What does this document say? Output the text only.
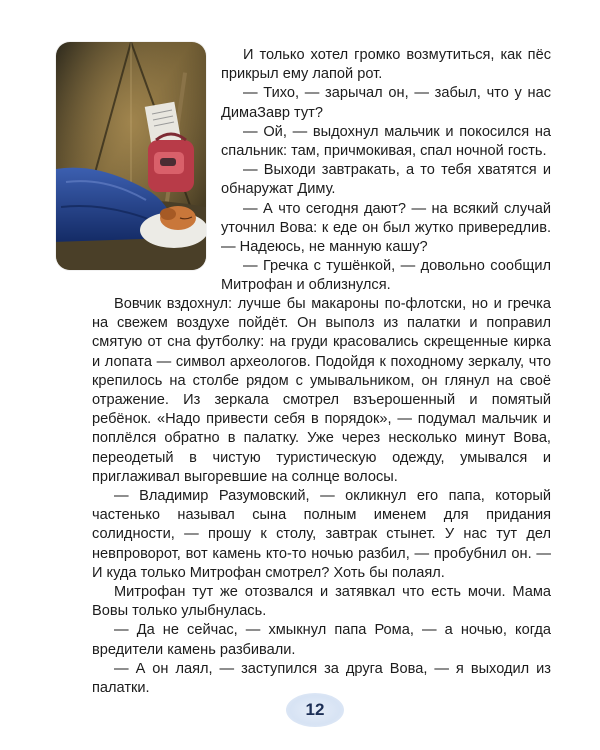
И только хотел громко возмутиться, как пёс прикрыл ему лапой рот.

— Тихо, — зарычал он, — забыл, что у нас ДимаЗавр тут?

— Ой, — выдохнул мальчик и покосился на спальник: там, причмокивая, спал ночной гость.

— Выходи завтракать, а то тебя хватятся и обнаружат Диму.

— А что сегодня дают? — на всякий случай уточнил Вова: к еде он был жутко привередлив. — Надеюсь, не манную кашу?

— Гречка с тушёнкой, — довольно сообщил Митрофан и облизнулся.

Вовчик вздохнул: лучше бы макароны по-флотски, но и гречка на свежем воздухе пойдёт. Он выполз из палатки и поправил смятую от сна футболку: на груди красовались скрещенные кирка и лопата — символ археологов. Подойдя к походному зеркалу, что крепилось на столбе рядом с умывальником, он глянул на своё отражение. Из зеркала смотрел взъерошенный и помятый ребёнок. «Надо привести себя в порядок», — подумал мальчик и поплёлся обратно в палатку. Уже через несколько минут Вова, переодетый в чистую туристическую одежду, умывался и приглаживал выгоревшие на солнце волосы.

— Владимир Разумовский, — окликнул его папа, который частенько называл сына полным именем для придания солидности, — прошу к столу, завтрак стынет. У нас тут дел невпроворот, вот камень кто-то ночью разбил, — пробубнил он. — И куда только Митрофан смотрел? Хоть бы полаял.

Митрофан тут же отозвался и затявкал что есть мочи. Мама Вовы только улыбнулась.

— Да не сейчас, — хмыкнул папа Рома, — а ночью, когда вредители камень разбивали.

— А он лаял, — заступился за друга Вова, — я выходил из палатки.

12
